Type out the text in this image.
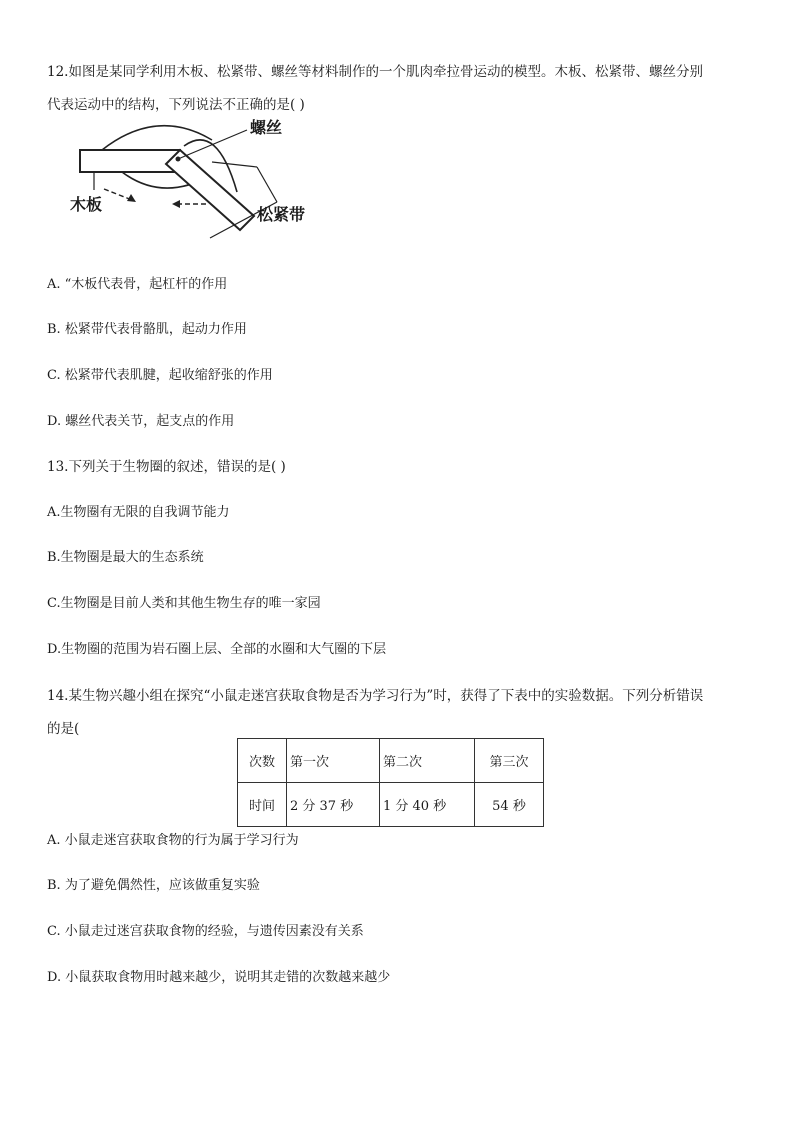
12.如图是某同学利用木板、松紧带、螺丝等材料制作的一个肌肉牵拉骨运动的模型。木板、松紧带、螺丝分别
代表运动中的结构，下列说法不正确的是( )
螺丝
木板
松紧带
A. “木板代表骨，起杠杆的作用
B. 松紧带代表骨骼肌，起动力作用
C. 松紧带代表肌腱，起收缩舒张的作用
D. 螺丝代表关节，起支点的作用
13.下列关于生物圈的叙述，错误的是( )
A.生物圈有无限的自我调节能力
B.生物圈是最大的生态系统
C.生物圈是目前人类和其他生物生存的唯一家园
D.生物圈的范围为岩石圈上层、全部的水圈和大气圈的下层
14.某生物兴趣小组在探究“小鼠走迷宫获取食物是否为学习行为”时，获得了下表中的实验数据。下列分析错误
的是(
次数	第一次	第二次	第三次
时间	2 分 37 秒	1 分 40 秒	54 秒
A. 小鼠走迷宫获取食物的行为属于学习行为
B. 为了避免偶然性，应该做重复实验
C. 小鼠走过迷宫获取食物的经验，与遗传因素没有关系
D. 小鼠获取食物用时越来越少，说明其走错的次数越来越少
